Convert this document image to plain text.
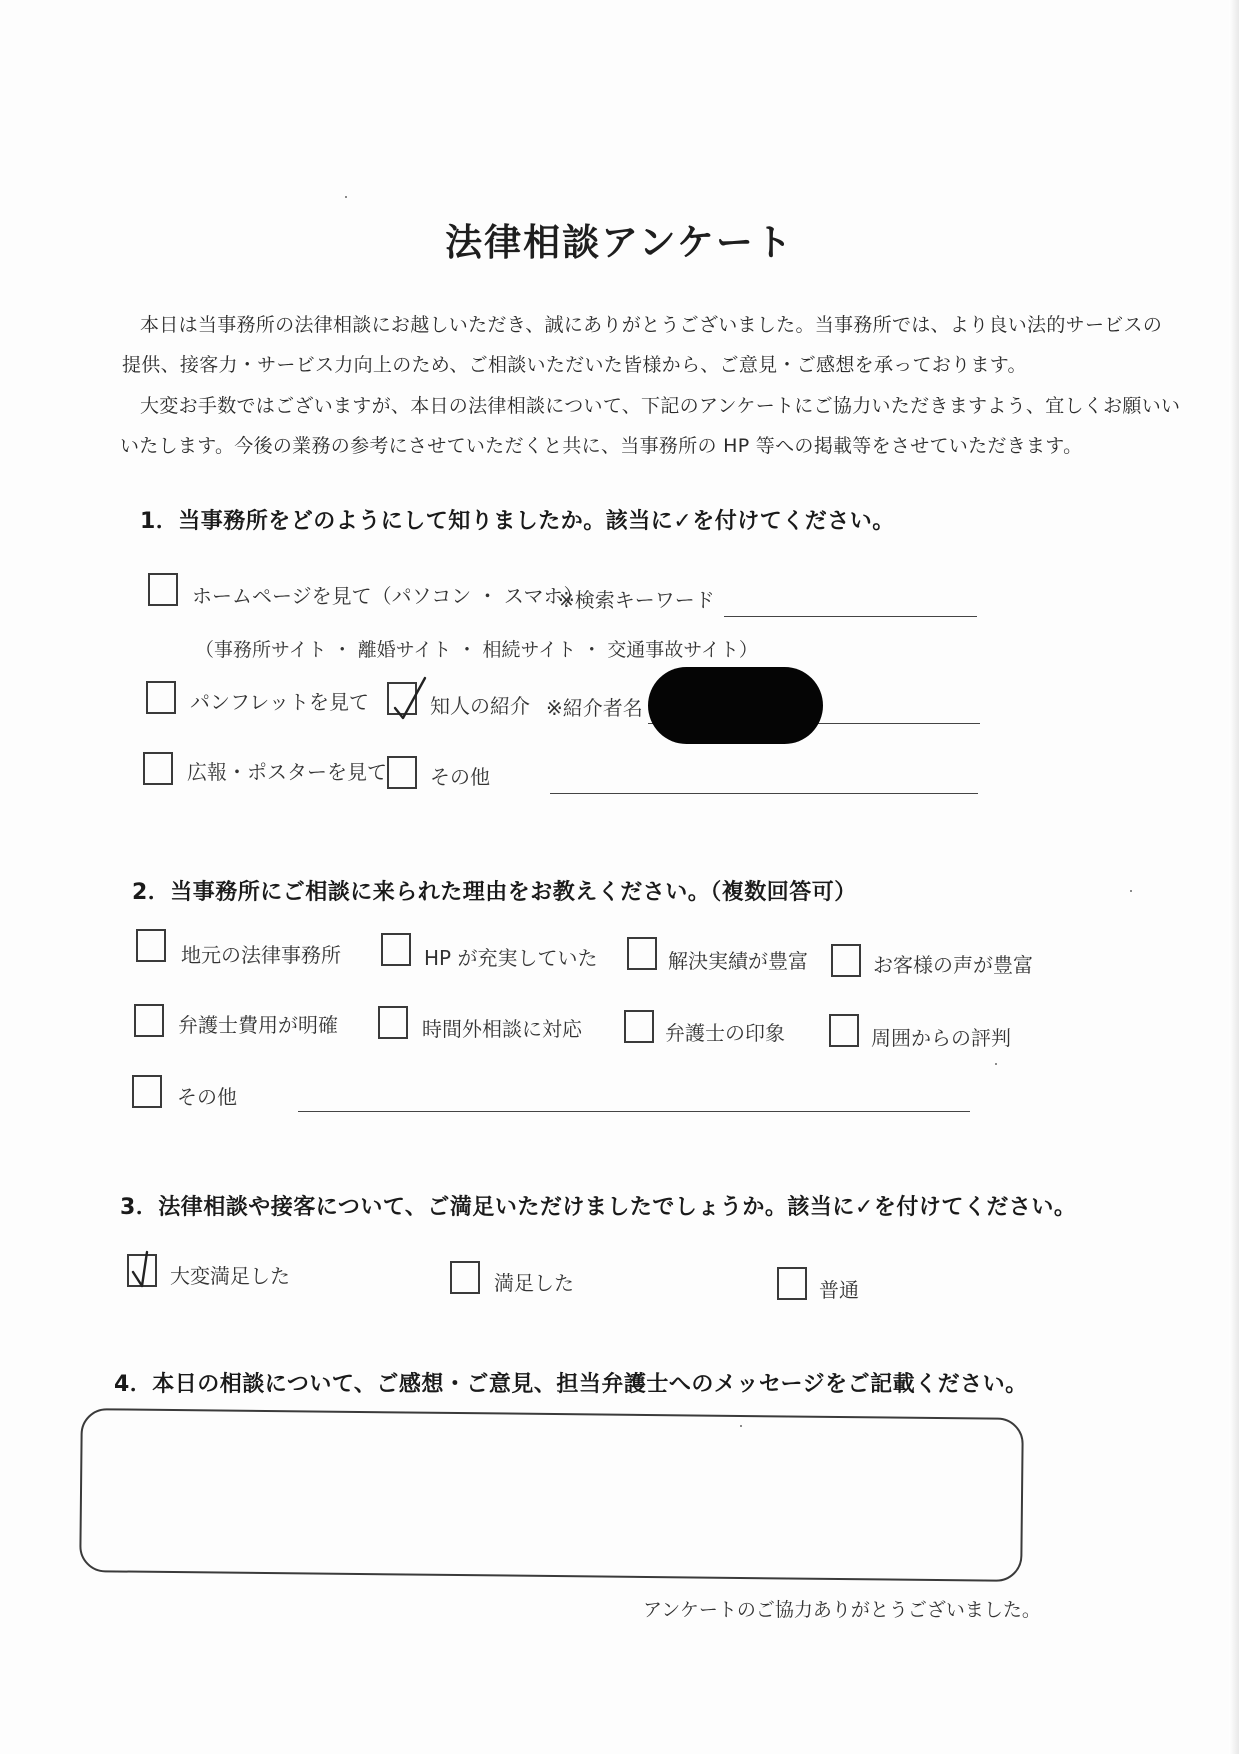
法律相談アンケート
本日は当事務所の法律相談にお越しいただき、誠にありがとうございました。当事務所では、より良い法的サービスの
提供、接客力・サービス力向上のため、ご相談いただいた皆様から、ご意見・ご感想を承っております。
大変お手数ではございますが、本日の法律相談について、下記のアンケートにご協力いただきますよう、宜しくお願いい
いたします。今後の業務の参考にさせていただくと共に、当事務所の HP 等への掲載等をさせていただきます。
1．当事務所をどのようにして知りましたか。該当に✓を付けてください。
ホームページを見て（パソコン ・ スマホ）
※検索キーワード
（事務所サイト ・ 離婚サイト ・ 相続サイト ・ 交通事故サイト）
パンフレットを見て	知人の紹介 ※紹介者名
広報・ポスターを見て その他
2．当事務所にご相談に来られた理由をお教えください。（複数回答可）
地元の法律事務所	HP が充実していた	解決実績が豊富	お客様の声が豊富
弁護士費用が明確	時間外相談に対応	弁護士の印象	周囲からの評判
その他
3．法律相談や接客について、ご満足いただけましたでしょうか。該当に✓を付けてください。
大変満足した	満足した	普通
4．本日の相談について、ご感想・ご意見、担当弁護士へのメッセージをご記載ください。
アンケートのご協力ありがとうございました。
